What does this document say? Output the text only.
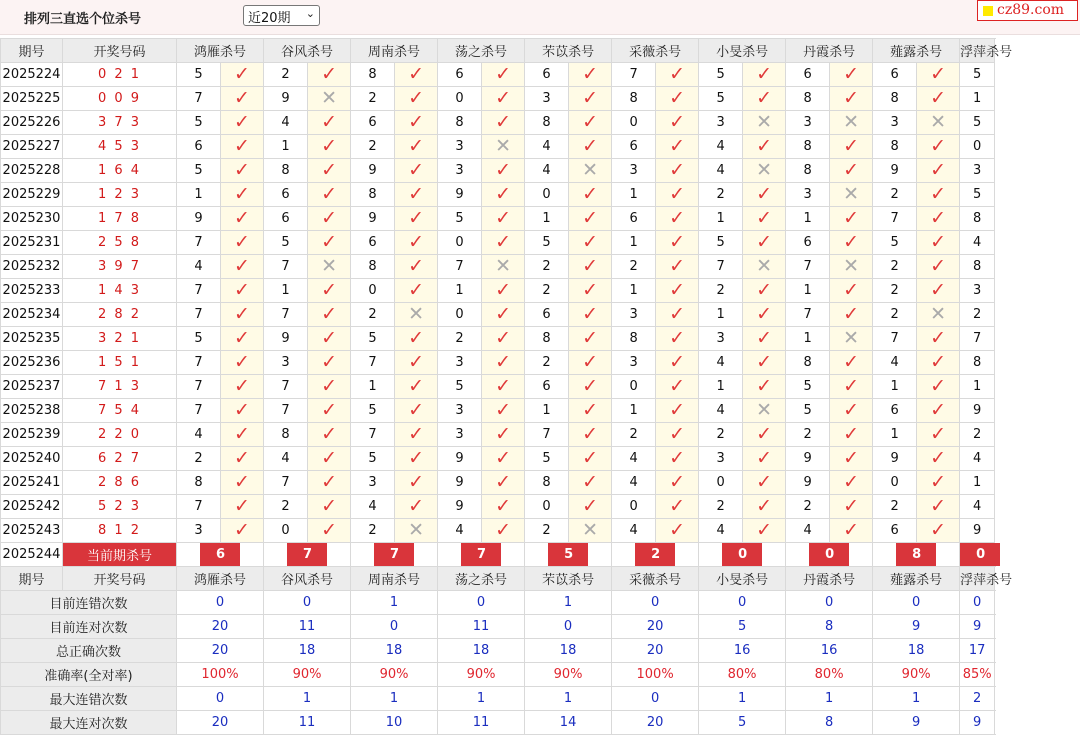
排列三直选个位杀号	近20期 ⌄	cz89.com
期号	开奖号码	鸿雁杀号		谷风杀号		周南杀号		荡之杀号		芣苡杀号		采薇杀号		小旻杀号		丹霞杀号		薤露杀号		浮萍杀号	
2025224	0 2 1	5	✓	2	✓	8	✓	6	✓	6	✓	7	✓	5	✓	6	✓	6	✓	5		
2025225	0 0 9	7	✓	9	✕	2	✓	0	✓	3	✓	8	✓	5	✓	8	✓	8	✓	1		
2025226	3 7 3	5	✓	4	✓	6	✓	8	✓	8	✓	0	✓	3	✕	3	✕	3	✕	5		
2025227	4 5 3	6	✓	1	✓	2	✓	3	✕	4	✓	6	✓	4	✓	8	✓	8	✓	0		
2025228	1 6 4	5	✓	8	✓	9	✓	3	✓	4	✕	3	✓	4	✕	8	✓	9	✓	3		
2025229	1 2 3	1	✓	6	✓	8	✓	9	✓	0	✓	1	✓	2	✓	3	✕	2	✓	5		
2025230	1 7 8	9	✓	6	✓	9	✓	5	✓	1	✓	6	✓	1	✓	1	✓	7	✓	8		
2025231	2 5 8	7	✓	5	✓	6	✓	0	✓	5	✓	1	✓	5	✓	6	✓	5	✓	4		
2025232	3 9 7	4	✓	7	✕	8	✓	7	✕	2	✓	2	✓	7	✕	7	✕	2	✓	8		
2025233	1 4 3	7	✓	1	✓	0	✓	1	✓	2	✓	1	✓	2	✓	1	✓	2	✓	3		
2025234	2 8 2	7	✓	7	✓	2	✕	0	✓	6	✓	3	✓	1	✓	7	✓	2	✕	2		
2025235	3 2 1	5	✓	9	✓	5	✓	2	✓	8	✓	8	✓	3	✓	1	✕	7	✓	7		
2025236	1 5 1	7	✓	3	✓	7	✓	3	✓	2	✓	3	✓	4	✓	8	✓	4	✓	8		
2025237	7 1 3	7	✓	7	✓	1	✓	5	✓	6	✓	0	✓	1	✓	5	✓	1	✓	1		
2025238	7 5 4	7	✓	7	✓	5	✓	3	✓	1	✓	1	✓	4	✕	5	✓	6	✓	9		
2025239	2 2 0	4	✓	8	✓	7	✓	3	✓	7	✓	2	✓	2	✓	2	✓	1	✓	2		
2025240	6 2 7	2	✓	4	✓	5	✓	9	✓	5	✓	4	✓	3	✓	9	✓	9	✓	4		
2025241	2 8 6	8	✓	7	✓	3	✓	9	✓	8	✓	4	✓	0	✓	9	✓	0	✓	1		
2025242	5 2 3	7	✓	2	✓	4	✓	9	✓	0	✓	0	✓	2	✓	2	✓	2	✓	4		
2025243	8 1 2	3	✓	0	✓	2	✕	4	✓	2	✕	4	✓	4	✓	4	✓	6	✓	9		
2025244	当前期杀号	6		7		7		7		5		2		0		0		8		0	
期号	开奖号码	鸿雁杀号		谷风杀号		周南杀号		荡之杀号		芣苡杀号		采薇杀号		小旻杀号		丹霞杀号		薤露杀号		浮萍杀号	
目前连错次数		0		0		1		0		1		0		0		0		0		0	
目前连对次数		20		11		0		11		0		20		5		8		9		9	
总正确次数		20		18		18		18		18		20		16		16		18		17	
准确率(全对率)		100%		90%		90%		90%		90%		100%		80%		80%		90%		85%	
最大连错次数		0		1		1		1		1		0		1		1		1		2	
最大连对次数		20		11		10		11		14		20		5		8		9		9	
